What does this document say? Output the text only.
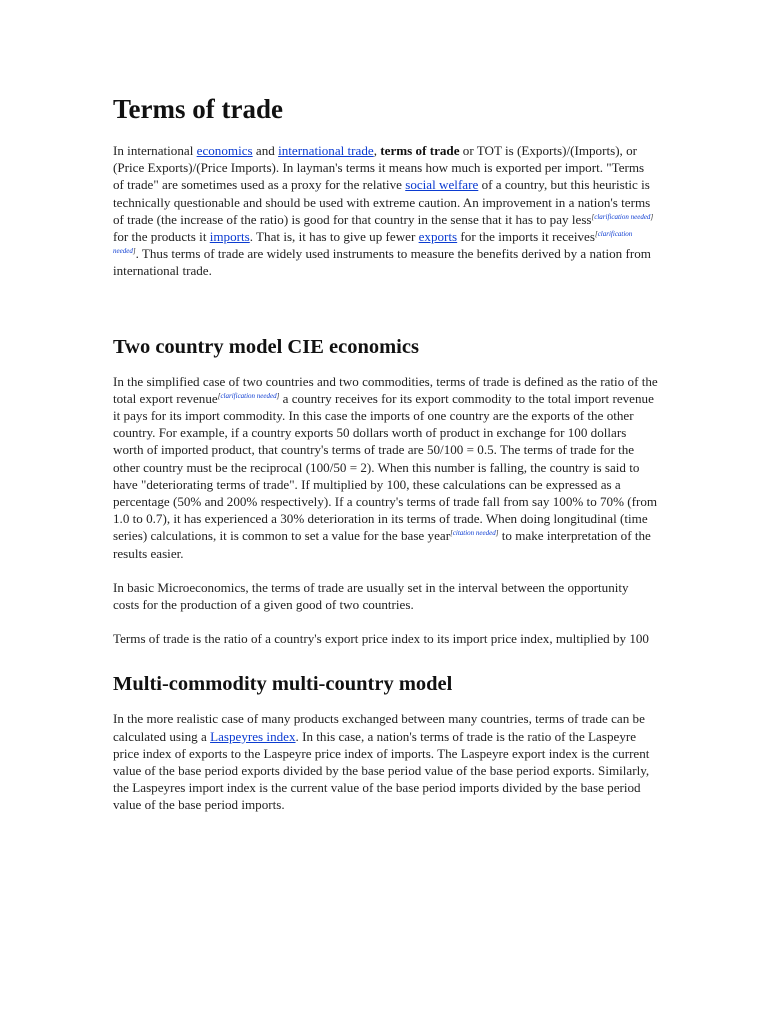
Terms of trade

In international economics and international trade, terms of trade or TOT is (Exports)/(Imports), or (Price Exports)/(Price Imports). In layman's terms it means how much is exported per import. "Terms of trade" are sometimes used as a proxy for the relative social welfare of a country, but this heuristic is technically questionable and should be used with extreme caution. An improvement in a nation's terms of trade (the increase of the ratio) is good for that country in the sense that it has to pay less[clarification needed] for the products it imports. That is, it has to give up fewer exports for the imports it receives[clarification needed]. Thus terms of trade are widely used instruments to measure the benefits derived by a nation from international trade.

Two country model CIE economics

In the simplified case of two countries and two commodities, terms of trade is defined as the ratio of the total export revenue[clarification needed] a country receives for its export commodity to the total import revenue it pays for its import commodity. In this case the imports of one country are the exports of the other country. For example, if a country exports 50 dollars worth of product in exchange for 100 dollars worth of imported product, that country's terms of trade are 50/100 = 0.5. The terms of trade for the other country must be the reciprocal (100/50 = 2). When this number is falling, the country is said to have "deteriorating terms of trade". If multiplied by 100, these calculations can be expressed as a percentage (50% and 200% respectively). If a country's terms of trade fall from say 100% to 70% (from 1.0 to 0.7), it has experienced a 30% deterioration in its terms of trade. When doing longitudinal (time series) calculations, it is common to set a value for the base year[citation needed] to make interpretation of the results easier.

In basic Microeconomics, the terms of trade are usually set in the interval between the opportunity costs for the production of a given good of two countries.

Terms of trade is the ratio of a country's export price index to its import price index, multiplied by 100

Multi-commodity multi-country model

In the more realistic case of many products exchanged between many countries, terms of trade can be calculated using a Laspeyres index. In this case, a nation's terms of trade is the ratio of the Laspeyre price index of exports to the Laspeyre price index of imports. The Laspeyre export index is the current value of the base period exports divided by the base period value of the base period exports. Similarly, the Laspeyres import index is the current value of the base period imports divided by the base period value of the base period imports.
